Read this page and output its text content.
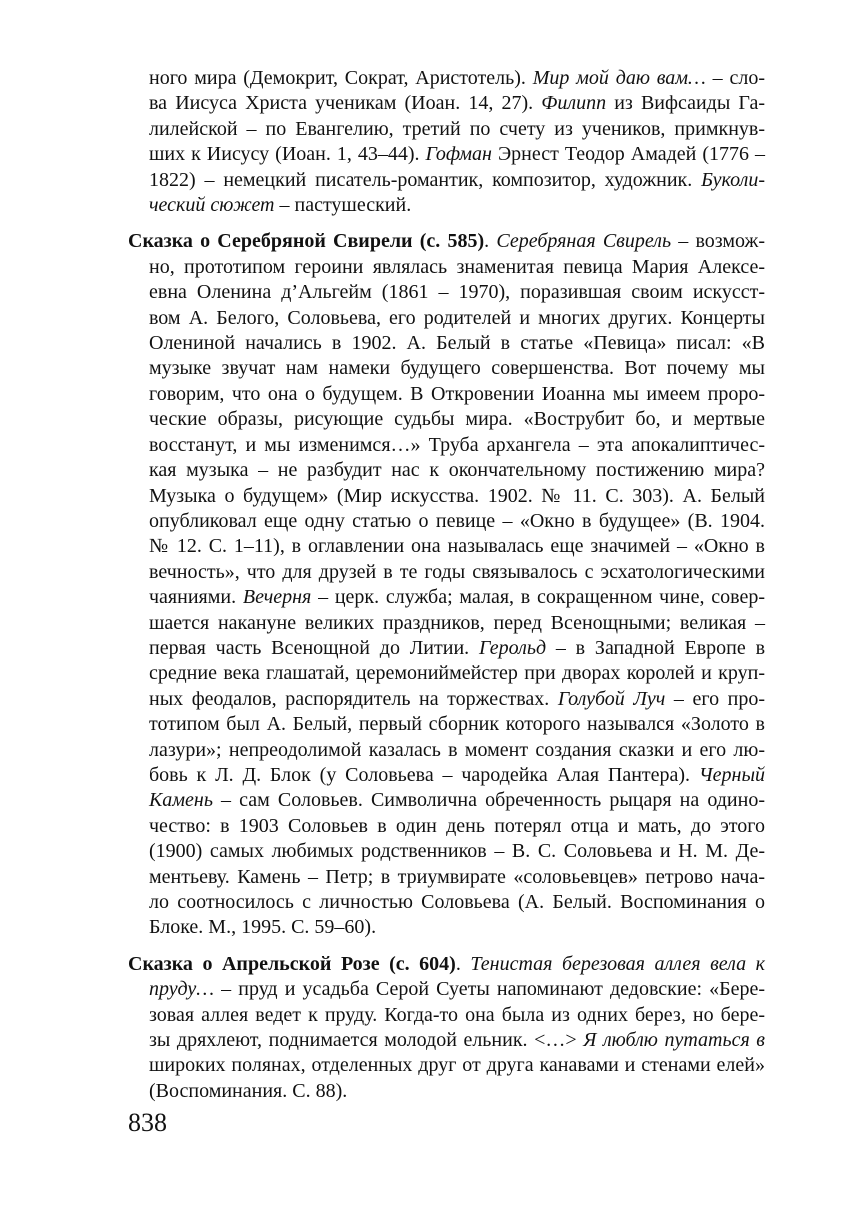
ного мира (Демокрит, Сократ, Аристотель). Мир мой даю вам… – сло-
ва Иисуса Христа ученикам (Иоан. 14, 27). Филипп из Вифсаиды Га-
лилейской – по Евангелию, третий по счету из учеников, примкнув-
ших к Иисусу (Иоан. 1, 43–44). Гофман Эрнест Теодор Амадей (1776 –
1822) – немецкий писатель-романтик, композитор, художник. Буколи-
ческий сюжет – пастушеский.
Сказка о Серебряной Свирели (с. 585). Серебряная Свирель – возмож-
но, прототипом героини являлась знаменитая певица Мария Алексе-
евна Оленина д’Альгейм (1861 – 1970), поразившая своим искусст-
вом А. Белого, Соловьева, его родителей и многих других. Концерты
Олениной начались в 1902. А. Белый в статье «Певица» писал: «В
музыке звучат нам намеки будущего совершенства. Вот почему мы
говорим, что она о будущем. В Откровении Иоанна мы имеем проро-
ческие образы, рисующие судьбы мира. «Вострубит бо, и мертвые
восстанут, и мы изменимся…» Труба архангела – эта апокалиптичес-
кая музыка – не разбудит нас к окончательному постижению мира?
Музыка о будущем» (Мир искусства. 1902. № 11. С. 303). А. Белый
опубликовал еще одну статью о певице – «Окно в будущее» (В. 1904.
№ 12. С. 1–11), в оглавлении она называлась еще значимей – «Окно в
вечность», что для друзей в те годы связывалось с эсхатологическими
чаяниями. Вечерня – церк. служба; малая, в сокращенном чине, совер-
шается накануне великих праздников, перед Всенощными; великая –
первая часть Всенощной до Литии. Герольд – в Западной Европе в
средние века глашатай, церемониймейстер при дворах королей и круп-
ных феодалов, распорядитель на торжествах. Голубой Луч – его про-
тотипом был А. Белый, первый сборник которого назывался «Золото в
лазури»; непреодолимой казалась в момент создания сказки и его лю-
бовь к Л. Д. Блок (у Соловьева – чародейка Алая Пантера). Черный
Камень – сам Соловьев. Символична обреченность рыцаря на одино-
чество: в 1903 Соловьев в один день потерял отца и мать, до этого
(1900) самых любимых родственников – В. С. Соловьева и Н. М. Де-
ментьеву. Камень – Петр; в триумвирате «соловьевцев» петрово нача-
ло соотносилось с личностью Соловьева (А. Белый. Воспоминания о
Блоке. М., 1995. С. 59–60).
Сказка о Апрельской Розе (с. 604). Тенистая березовая аллея вела к
пруду… – пруд и усадьба Серой Суеты напоминают дедовские: «Бере-
зовая аллея ведет к пруду. Когда-то она была из одних берез, но бере-
зы дряхлеют, поднимается молодой ельник. <…> Я люблю путаться в
широких полянах, отделенных друг от друга канавами и стенами елей»
(Воспоминания. С. 88).
838
